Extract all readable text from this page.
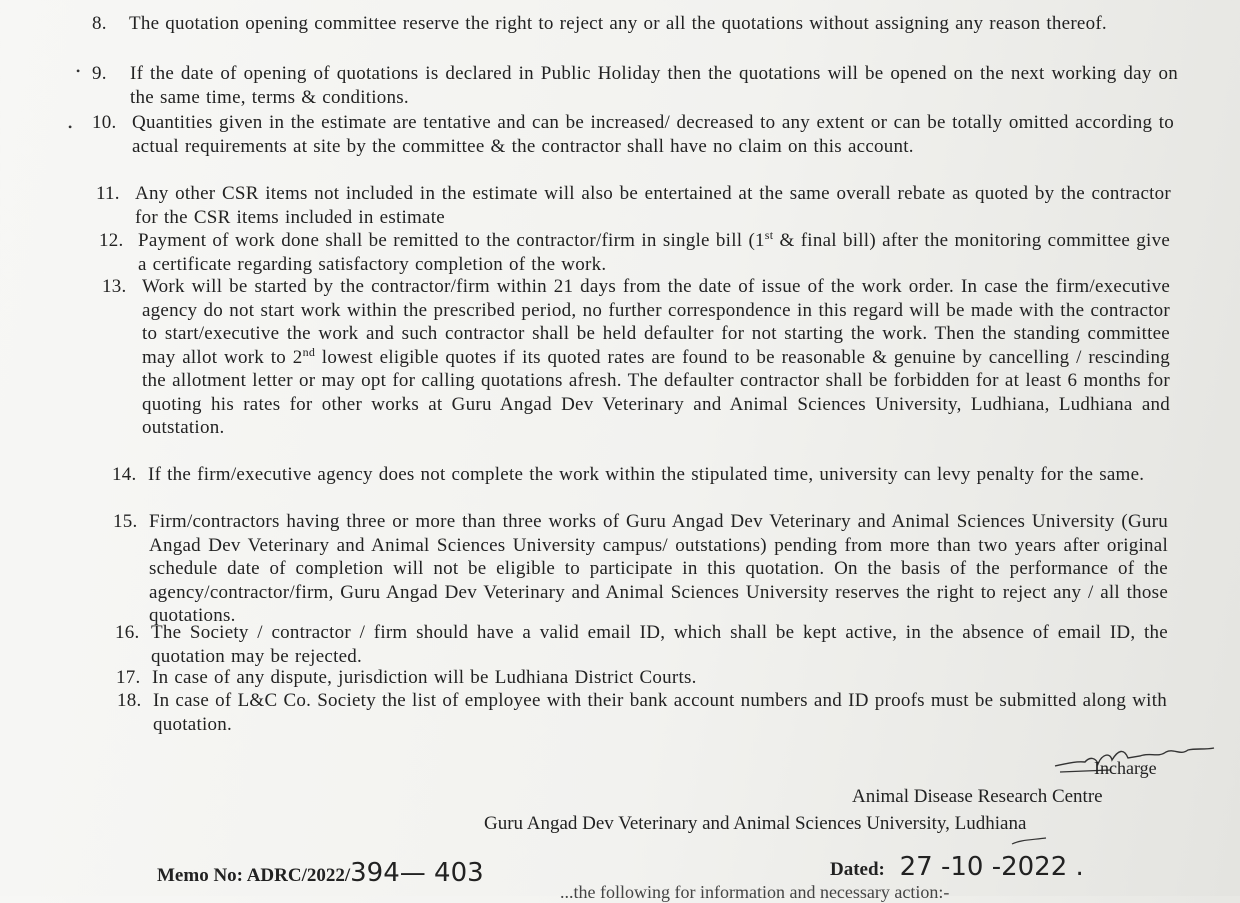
8. The quotation opening committee reserve the right to reject any or all the quotations without assigning any reason thereof.
9. If the date of opening of quotations is declared in Public Holiday then the quotations will be opened on the next working day on the same time, terms & conditions.
•
10. Quantities given in the estimate are tentative and can be increased/ decreased to any extent or can be totally omitted according to actual requirements at site by the committee & the contractor shall have no claim on this account.
•
11. Any other CSR items not included in the estimate will also be entertained at the same overall rebate as quoted by the contractor for the CSR items included in estimate
12. Payment of work done shall be remitted to the contractor/firm in single bill (1st & final bill) after the monitoring committee give a certificate regarding satisfactory completion of the work.
13. Work will be started by the contractor/firm within 21 days from the date of issue of the work order. In case the firm/executive agency do not start work within the prescribed period, no further correspondence in this regard will be made with the contractor to start/executive the work and such contractor shall be held defaulter for not starting the work. Then the standing committee may allot work to 2nd lowest eligible quotes if its quoted rates are found to be reasonable & genuine by cancelling / rescinding the allotment letter or may opt for calling quotations afresh. The defaulter contractor shall be forbidden for at least 6 months for quoting his rates for other works at Guru Angad Dev Veterinary and Animal Sciences University, Ludhiana, Ludhiana and outstation.
14. If the firm/executive agency does not complete the work within the stipulated time, university can levy penalty for the same.
15. Firm/contractors having three or more than three works of Guru Angad Dev Veterinary and Animal Sciences University (Guru Angad Dev Veterinary and Animal Sciences University campus/ outstations) pending from more than two years after original schedule date of completion will not be eligible to participate in this quotation. On the basis of the performance of the agency/contractor/firm, Guru Angad Dev Veterinary and Animal Sciences University reserves the right to reject any / all those quotations.
16. The Society / contractor / firm should have a valid email ID, which shall be kept active, in the absence of email ID, the quotation may be rejected.
17. In case of any dispute, jurisdiction will be Ludhiana District Courts.
18. In case of L&C Co. Society the list of employee with their bank account numbers and ID proofs must be submitted along with quotation.
Incharge
Animal Disease Research Centre
Guru Angad Dev Veterinary and Animal Sciences University, Ludhiana
Memo No: ADRC/2022/394— 403	Dated: 27 -10 -2022 .
...the following for information and necessary action:-
